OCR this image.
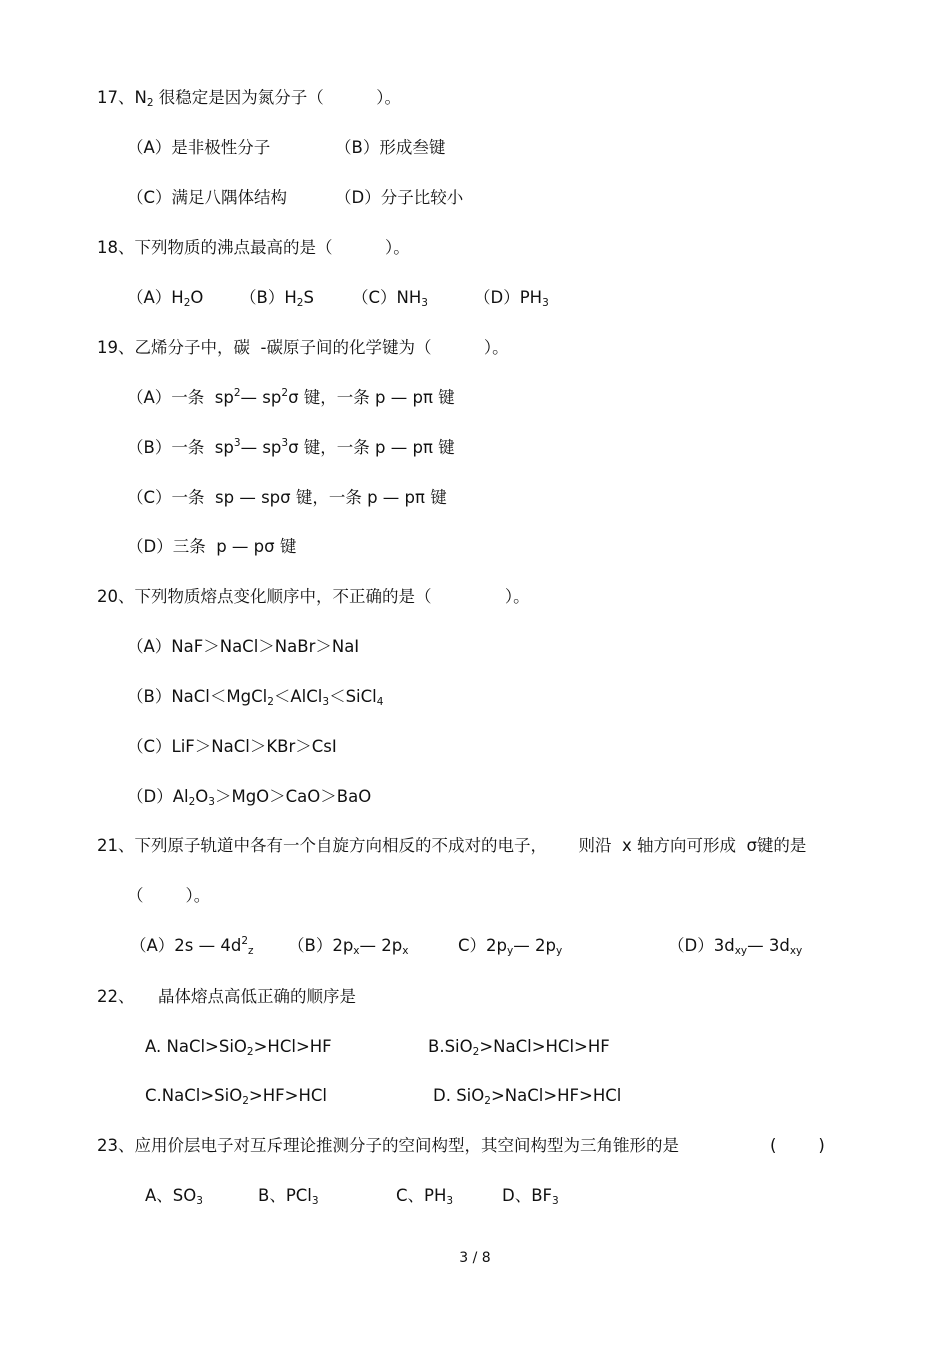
17、$N_2$ 很稳定是因为氮分子（          ）。
（A）是非极性分子	（B）形成叁键
（C）满足八隅体结构	（D）分子比较小
18、下列物质的沸点最高的是（          ）。
$(A)H_2O$ $(B)H_2S$ $(C)NH_3$	$(D)PH_3$
19、乙烯分子中，碳  -碳原子间的化学键为（          ）。
（A）一条  $sp^2—$ $sp^2\sigma$ 键，一条 p — pπ 键
（B）一条  $sp^3—$ $sp^3\sigma$ 键，一条 p — pπ 键
（C）一条  sp — spσ 键，一条 p — pπ 键
（D）三条  p — pσ 键
20、下列物质熔点变化顺序中，不正确的是（              ）。
（A）NaF＞NaCl＞NaBr＞NaI
（B）NaCl＜MgCl$_2$＜AlCl$_3$＜SiCl$_4$
（C）LiF＞NaCl＞KBr＞CsI
$(D)Al_2O_3>MgO>CaO>BaO$
21、下列原子轨道中各有一个自旋方向相反的不成对的电子，      则沿  x 轴方向可形成  σ键的是
（        ）。
（A）2s — $4d^2_z$ $(B)2p_x—$ $2p_x$	$C)2p_y—$ $2p_y$	$(D)3d_{xy}—$ $3d_{xy}$
22、 晶体熔点高低正确的顺序是
A. NaCl>SiO$_2$>HCl>HF	B.SiO$_2$>NaCl>HCl>HF
C.NaCl>SiO$_2$>HF>HCl	D. SiO$_2$>NaCl>HF>HCl
23、应用价层电子对互斥理论推测分子的空间构型，其空间构型为三角锥形的是	(        )
A、$SO_3$	B、PCl$_3$	C、$PH_3$	D、$BF_3$
3 / 8
